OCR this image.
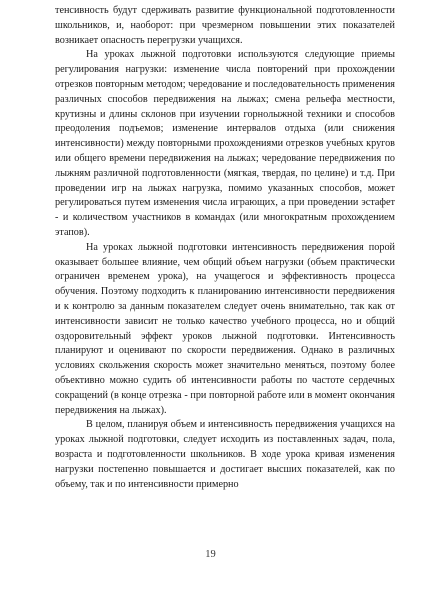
тенсивность будут сдерживать развитие функциональной подготовленности школьников, и, наоборот: при чрезмерном повышении этих показателей возникает опасность перегрузки учащихся.

На уроках лыжной подготовки используются следующие приемы регулирования нагрузки: изменение числа повторений при прохождении отрезков повторным методом; чередование и последовательность применения различных способов передвижения на лыжах; смена рельефа местности, крутизны и длины склонов при изучении горнолыжной техники и способов преодоления подъемов; изменение интервалов отдыха (или снижения интенсивности) между повторными прохождениями отрезков учебных кругов или общего времени передвижения на лыжах; чередование передвижения по лыжням различной подготовленности (мягкая, твердая, по целине) и т.д. При проведении игр на лыжах нагрузка, помимо указанных способов, может регулироваться путем изменения числа играющих, а при проведении эстафет - и количеством участников в командах (или многократным прохождением этапов).

На уроках лыжной подготовки интенсивность передвижения порой оказывает большее влияние, чем общий объем нагрузки (объем практически ограничен временем урока), на учащегося и эффективность процесса обучения. Поэтому подходить к планированию интенсивности передвижения и к контролю за данным показателем следует очень внимательно, так как от интенсивности зависит не только качество учебного процесса, но и общий оздоровительный эффект уроков лыжной подготовки. Интенсивность планируют и оценивают по скорости передвижения. Однако в различных условиях скольжения скорость может значительно меняться, поэтому более объективно можно судить об интенсивности работы по частоте сердечных сокращений (в конце отрезка - при повторной работе или в момент окончания передвижения на лыжах).

В целом, планируя объем и интенсивность передвижения учащихся на уроках лыжной подготовки, следует исходить из поставленных задач, пола, возраста и подготовленности школьников. В ходе урока кривая изменения нагрузки постепенно повышается и достигает высших показателей, как по объему, так и по интенсивности примерно

19
